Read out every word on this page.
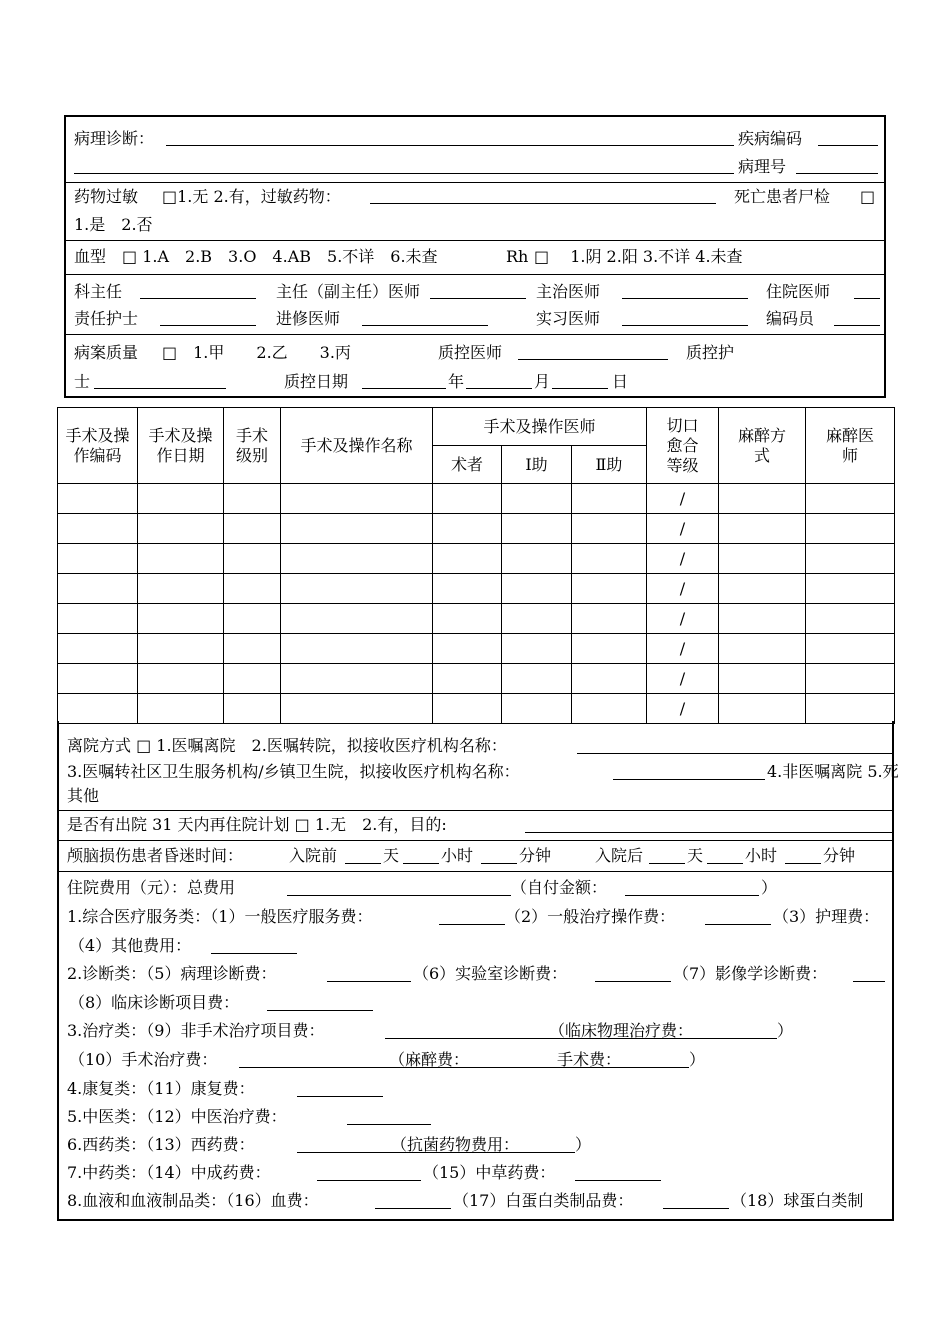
病理诊断：	疾病编码
病理号
药物过敏 □1.无 2.有，过敏药物：	死亡患者尸检 □
1.是　2.否
血型 □ 1.A　2.B　3.O　4.AB　5.不详　6.未查	Rh □　 1.阴 2.阳 3.不详 4.未查
科主任	主任（副主任）医师	主治医师	住院医师
责任护士	进修医师	实习医师	编码员
病案质量 □　1.甲　　2.乙　　3.丙	质控医师	质控护
士	质控日期	年	月	日
手术及操作编码	手术及操作日期	手术级别	手术及操作名称	手术及操作医师			切口愈合等级	麻醉方式	麻醉医师
				术者	Ⅰ助	Ⅱ助			
							/		
							/		
							/		
							/		
							/		
							/		
							/		
							/		
离院方式 □ 1.医嘱离院　2.医嘱转院，拟接收医疗机构名称：
3.医嘱转社区卫生服务机构/乡镇卫生院，拟接收医疗机构名称：	4.非医嘱离院 5.死
其他
是否有出院 31 天内再住院计划 □ 1.无　2.有，目的:
颅脑损伤患者昏迷时间：	入院前	天	小时	分钟	入院后	天	小时	分钟
住院费用（元）：总费用	（自付金额：	）
1.综合医疗服务类：（1）一般医疗服务费：	（2）一般治疗操作费：	（3）护理费：
（4）其他费用：
2.诊断类：（5）病理诊断费：	（6）实验室诊断费：	（7）影像学诊断费：
（8）临床诊断项目费：
3.治疗类：（9）非手术治疗项目费：	（临床物理治疗费：	）
（10）手术治疗费：	（麻醉费：	手术费：	）
4.康复类：（11）康复费：
5.中医类：（12）中医治疗费：
6.西药类：（13）西药费：	（抗菌药物费用：	）
7.中药类：（14）中成药费：	（15）中草药费：
8.血液和血液制品类：（16）血费：	（17）白蛋白类制品费：	（18）球蛋白类制
